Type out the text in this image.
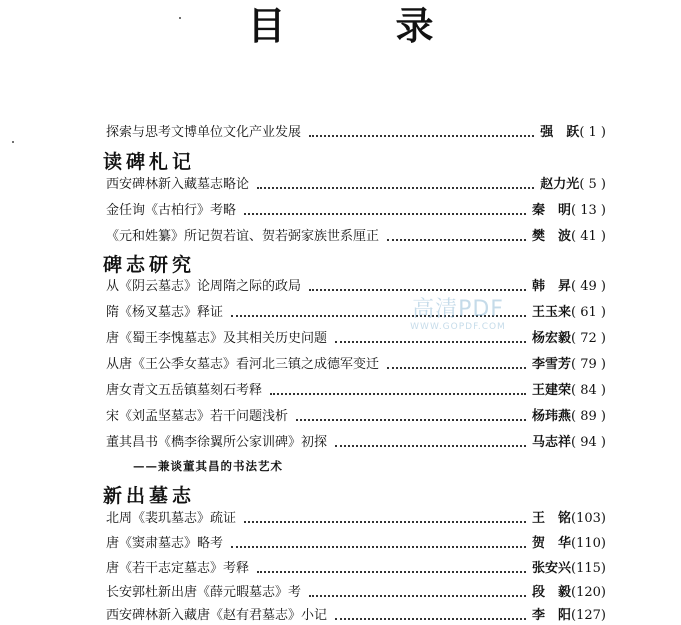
目　录
探索与思考文博单位文化产业发展	强　跃 ( 1 )
读碑札记
西安碑林新入藏墓志略论	赵力光 ( 5 )
金任询《古柏行》考略	秦　明 ( 13 )
《元和姓纂》所记贺若谊、贺若弼家族世系厘正	樊　波 ( 41 )
碑志研究
从《阴云墓志》论周隋之际的政局	韩　昇 ( 49 )
隋《杨叉墓志》释证	王玉来 ( 61 )
唐《蜀王李愧墓志》及其相关历史问题	杨宏毅 ( 72 )
从唐《王公季女墓志》看河北三镇之成德军变迁	李雪芳 ( 79 )
唐女青文五岳镇墓刻石考释	王建荣 ( 84 )
宋《刘孟坚墓志》若干问题浅析	杨玮燕 ( 89 )
董其昌书《檇李徐翼所公家训碑》初探	马志祥 ( 94 )
——兼谈董其昌的书法艺术
新出墓志
北周《裴玑墓志》疏证	王　铭 (103)
唐《窦肃墓志》略考	贺　华 (110)
唐《若干志定墓志》考释	张安兴 (115)
长安郭杜新出唐《薛元暇墓志》考	段　毅 (120)
西安碑林新入藏唐《赵有君墓志》小记	李　阳 (127)
高清PDF
WWW.GOPDF.COM
